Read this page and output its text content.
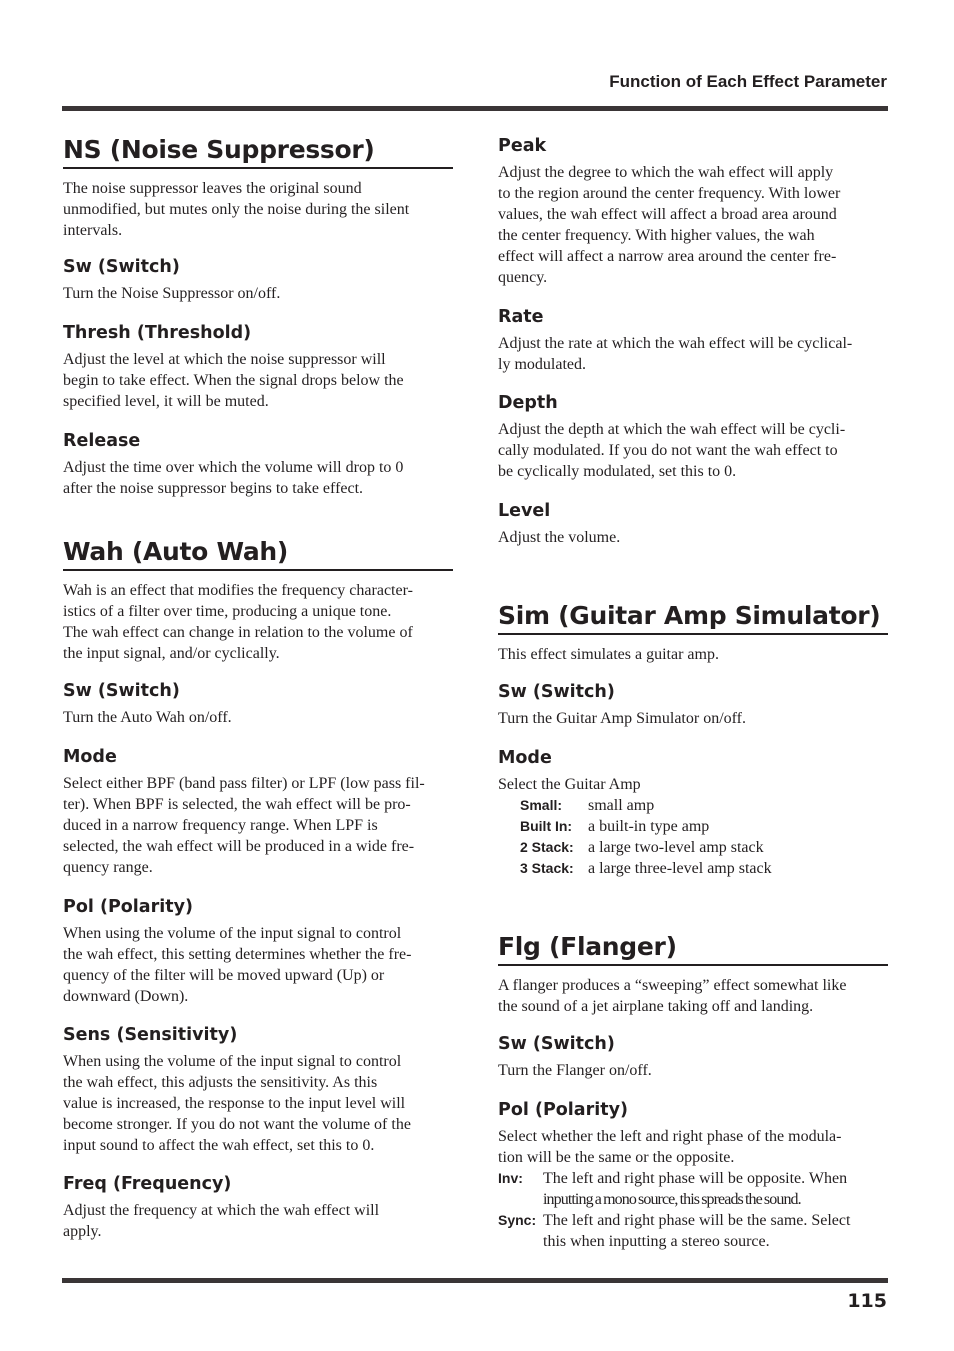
Function of Each Effect Parameter
NS (Noise Suppressor)

The noise suppressor leaves the original sound
unmodified, but mutes only the noise during the silent
intervals.

Sw (Switch)

Turn the Noise Suppressor on/off.

Thresh (Threshold)

Adjust the level at which the noise suppressor will
begin to take effect. When the signal drops below the
specified level, it will be muted.

Release

Adjust the time over which the volume will drop to 0
after the noise suppressor begins to take effect.

Wah (Auto Wah)

Wah is an effect that modifies the frequency character-
istics of a filter over time, producing a unique tone.
The wah effect can change in relation to the volume of
the input signal, and/or cyclically.

Sw (Switch)

Turn the Auto Wah on/off.

Mode

Select either BPF (band pass filter) or LPF (low pass fil-
ter). When BPF is selected, the wah effect will be pro-
duced in a narrow frequency range. When LPF is
selected, the wah effect will be produced in a wide fre-
quency range.

Pol (Polarity)

When using the volume of the input signal to control
the wah effect, this setting determines whether the fre-
quency of the filter will be moved upward (Up) or
downward (Down).

Sens (Sensitivity)

When using the volume of the input signal to control
the wah effect, this adjusts the sensitivity. As this
value is increased, the response to the input level will
become stronger. If you do not want the volume of the
input sound to affect the wah effect, set this to 0.

Freq (Frequency)

Adjust the frequency at which the wah effect will
apply.

Peak

Adjust the degree to which the wah effect will apply
to the region around the center frequency. With lower
values, the wah effect will affect a broad area around
the center frequency. With higher values, the wah
effect will affect a narrow area around the center fre-
quency.

Rate

Adjust the rate at which the wah effect will be cyclical-
ly modulated.

Depth

Adjust the depth at which the wah effect will be cycli-
cally modulated. If you do not want the wah effect to
be cyclically modulated, set this to 0.

Level

Adjust the volume.

Sim (Guitar Amp Simulator)

This effect simulates a guitar amp.

Sw (Switch)

Turn the Guitar Amp Simulator on/off.

Mode

Select the Guitar Amp

Small:	small amp
Built In: a built-in type amp
2 Stack: a large two-level amp stack
3 Stack: a large three-level amp stack
Flg (Flanger)

A flanger produces a “sweeping” effect somewhat like
the sound of a jet airplane taking off and landing.

Sw (Switch)

Turn the Flanger on/off.

Pol (Polarity)

Select whether the left and right phase of the modula-
tion will be the same or the opposite.

Inv:	The left and right phase will be opposite. When
inputting a mono source, this spreads the sound.
Sync: The left and right phase will be the same. Select
this when inputting a stereo source.
115
